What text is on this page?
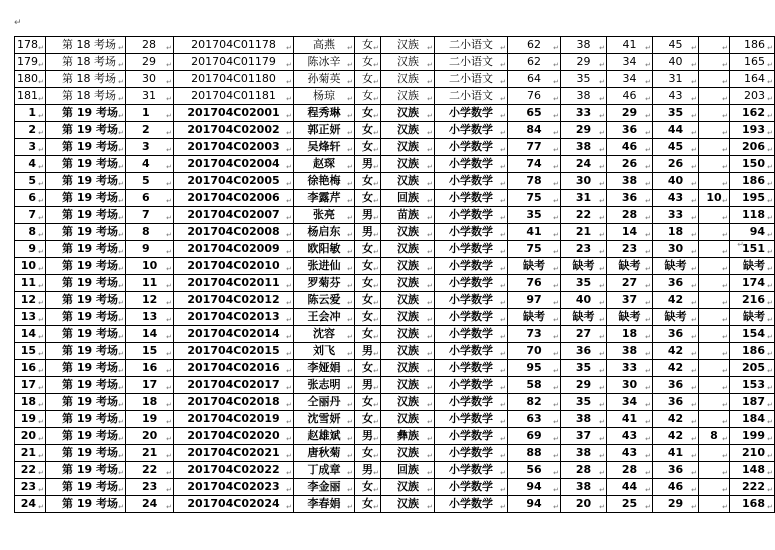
↵
178 ↵	第 18 考场 ↵	28 ↵	201704C01178 ↵	高燕 ↵	女 ↵	汉族 ↵	二小语文 ↵	62 ↵	38 ↵	41 ↵	45 ↵	↵	186 ↵
179 ↵	第 18 考场 ↵	29 ↵	201704C01179 ↵	陈冰辛 ↵	女 ↵	汉族 ↵	二小语文 ↵	62 ↵	29 ↵	34 ↵	40 ↵	↵	165 ↵
180 ↵	第 18 考场 ↵	30 ↵	201704C01180 ↵	孙菊英 ↵	女 ↵	汉族 ↵	二小语文 ↵	64 ↵	35 ↵	34 ↵	31 ↵	↵	164 ↵
181 ↵	第 18 考场 ↵	31 ↵	201704C01181 ↵	杨琼 ↵	女 ↵	汉族 ↵	二小语文 ↵	76 ↵	38 ↵	46 ↵	43 ↵	↵	203 ↵
1 ↵	第 19 考场 ↵	1 ↵	201704C02001 ↵	程秀琳 ↵	女 ↵	汉族 ↵	小学数学 ↵	65 ↵	33 ↵	29 ↵	35 ↵	↵	162 ↵
2 ↵	第 19 考场 ↵	2 ↵	201704C02002 ↵	郭正妍 ↵	女 ↵	汉族 ↵	小学数学 ↵	84 ↵	29 ↵	36 ↵	44 ↵	↵	193 ↵
3 ↵	第 19 考场 ↵	3 ↵	201704C02003 ↵	吴烽轩 ↵	女 ↵	汉族 ↵	小学数学 ↵	77 ↵	38 ↵	46 ↵	45 ↵	↵	206 ↵
4 ↵	第 19 考场 ↵	4 ↵	201704C02004 ↵	赵琛 ↵	男 ↵	汉族 ↵	小学数学 ↵	74 ↵	24 ↵	26 ↵	26 ↵	↵	150 ↵
5 ↵	第 19 考场 ↵	5 ↵	201704C02005 ↵	徐艳梅 ↵	女 ↵	汉族 ↵	小学数学 ↵	78 ↵	30 ↵	38 ↵	40 ↵	↵	186 ↵
6 ↵	第 19 考场 ↵	6 ↵	201704C02006 ↵	李露芹 ↵	女 ↵	回族 ↵	小学数学 ↵	75 ↵	31 ↵	36 ↵	43 ↵	10 ↵	195 ↵
7 ↵	第 19 考场 ↵	7 ↵	201704C02007 ↵	张亮 ↵	男 ↵	苗族 ↵	小学数学 ↵	35 ↵	22 ↵	28 ↵	33 ↵	↵	118 ↵
8 ↵	第 19 考场 ↵	8 ↵	201704C02008 ↵	杨启东 ↵	男 ↵	汉族 ↵	小学数学 ↵	41 ↵	21 ↵	14 ↵	18 ↵	↵	94 ↵
9 ↵	第 19 考场 ↵	9 ↵	201704C02009 ↵	欧阳敏 ↵	女 ↵	汉族 ↵	小学数学 ↵	75 ↵	23 ↵	23 ↵	30 ↵	↵	151 ↵
10 ↵	第 19 考场 ↵	10 ↵	201704C02010 ↵	张进仙 ↵	女 ↵	汉族 ↵	小学数学 ↵	缺考 ↵	缺考 ↵	缺考 ↵	缺考 ↵	↵	缺考 ↵
11 ↵	第 19 考场 ↵	11 ↵	201704C02011 ↵	罗菊芬 ↵	女 ↵	汉族 ↵	小学数学 ↵	76 ↵	35 ↵	27 ↵	36 ↵	↵	174 ↵
12 ↵	第 19 考场 ↵	12 ↵	201704C02012 ↵	陈云爱 ↵	女 ↵	汉族 ↵	小学数学 ↵	97 ↵	40 ↵	37 ↵	42 ↵	↵	216 ↵
13 ↵	第 19 考场 ↵	13 ↵	201704C02013 ↵	王会冲 ↵	女 ↵	汉族 ↵	小学数学 ↵	缺考 ↵	缺考 ↵	缺考 ↵	缺考 ↵	↵	缺考 ↵
14 ↵	第 19 考场 ↵	14 ↵	201704C02014 ↵	沈容 ↵	女 ↵	汉族 ↵	小学数学 ↵	73 ↵	27 ↵	18 ↵	36 ↵	↵	154 ↵
15 ↵	第 19 考场 ↵	15 ↵	201704C02015 ↵	刘飞 ↵	男 ↵	汉族 ↵	小学数学 ↵	70 ↵	36 ↵	38 ↵	42 ↵	↵	186 ↵
16 ↵	第 19 考场 ↵	16 ↵	201704C02016 ↵	李娅娟 ↵	女 ↵	汉族 ↵	小学数学 ↵	95 ↵	35 ↵	33 ↵	42 ↵	↵	205 ↵
17 ↵	第 19 考场 ↵	17 ↵	201704C02017 ↵	张志明 ↵	男 ↵	汉族 ↵	小学数学 ↵	58 ↵	29 ↵	30 ↵	36 ↵	↵	153 ↵
18 ↵	第 19 考场 ↵	18 ↵	201704C02018 ↵	仝丽丹 ↵	女 ↵	汉族 ↵	小学数学 ↵	82 ↵	35 ↵	34 ↵	36 ↵	↵	187 ↵
19 ↵	第 19 考场 ↵	19 ↵	201704C02019 ↵	沈雪妍 ↵	女 ↵	汉族 ↵	小学数学 ↵	63 ↵	38 ↵	41 ↵	42 ↵	↵	184 ↵
20 ↵	第 19 考场 ↵	20 ↵	201704C02020 ↵	赵雄斌 ↵	男 ↵	彝族 ↵	小学数学 ↵	69 ↵	37 ↵	43 ↵	42 ↵	8 ↵	199 ↵
21 ↵	第 19 考场 ↵	21 ↵	201704C02021 ↵	唐秋菊 ↵	女 ↵	汉族 ↵	小学数学 ↵	88 ↵	38 ↵	43 ↵	41 ↵	↵	210 ↵
22 ↵	第 19 考场 ↵	22 ↵	201704C02022 ↵	丁成章 ↵	男 ↵	回族 ↵	小学数学 ↵	56 ↵	28 ↵	28 ↵	36 ↵	↵	148 ↵
23 ↵	第 19 考场 ↵	23 ↵	201704C02023 ↵	李金丽 ↵	女 ↵	汉族 ↵	小学数学 ↵	94 ↵	38 ↵	44 ↵	46 ↵	↵	222 ↵
24 ↵	第 19 考场 ↵	24 ↵	201704C02024 ↵	李春娟 ↵	女 ↵	汉族 ↵	小学数学 ↵	94 ↵	20 ↵	25 ↵	29 ↵	↵	168 ↵
↵
